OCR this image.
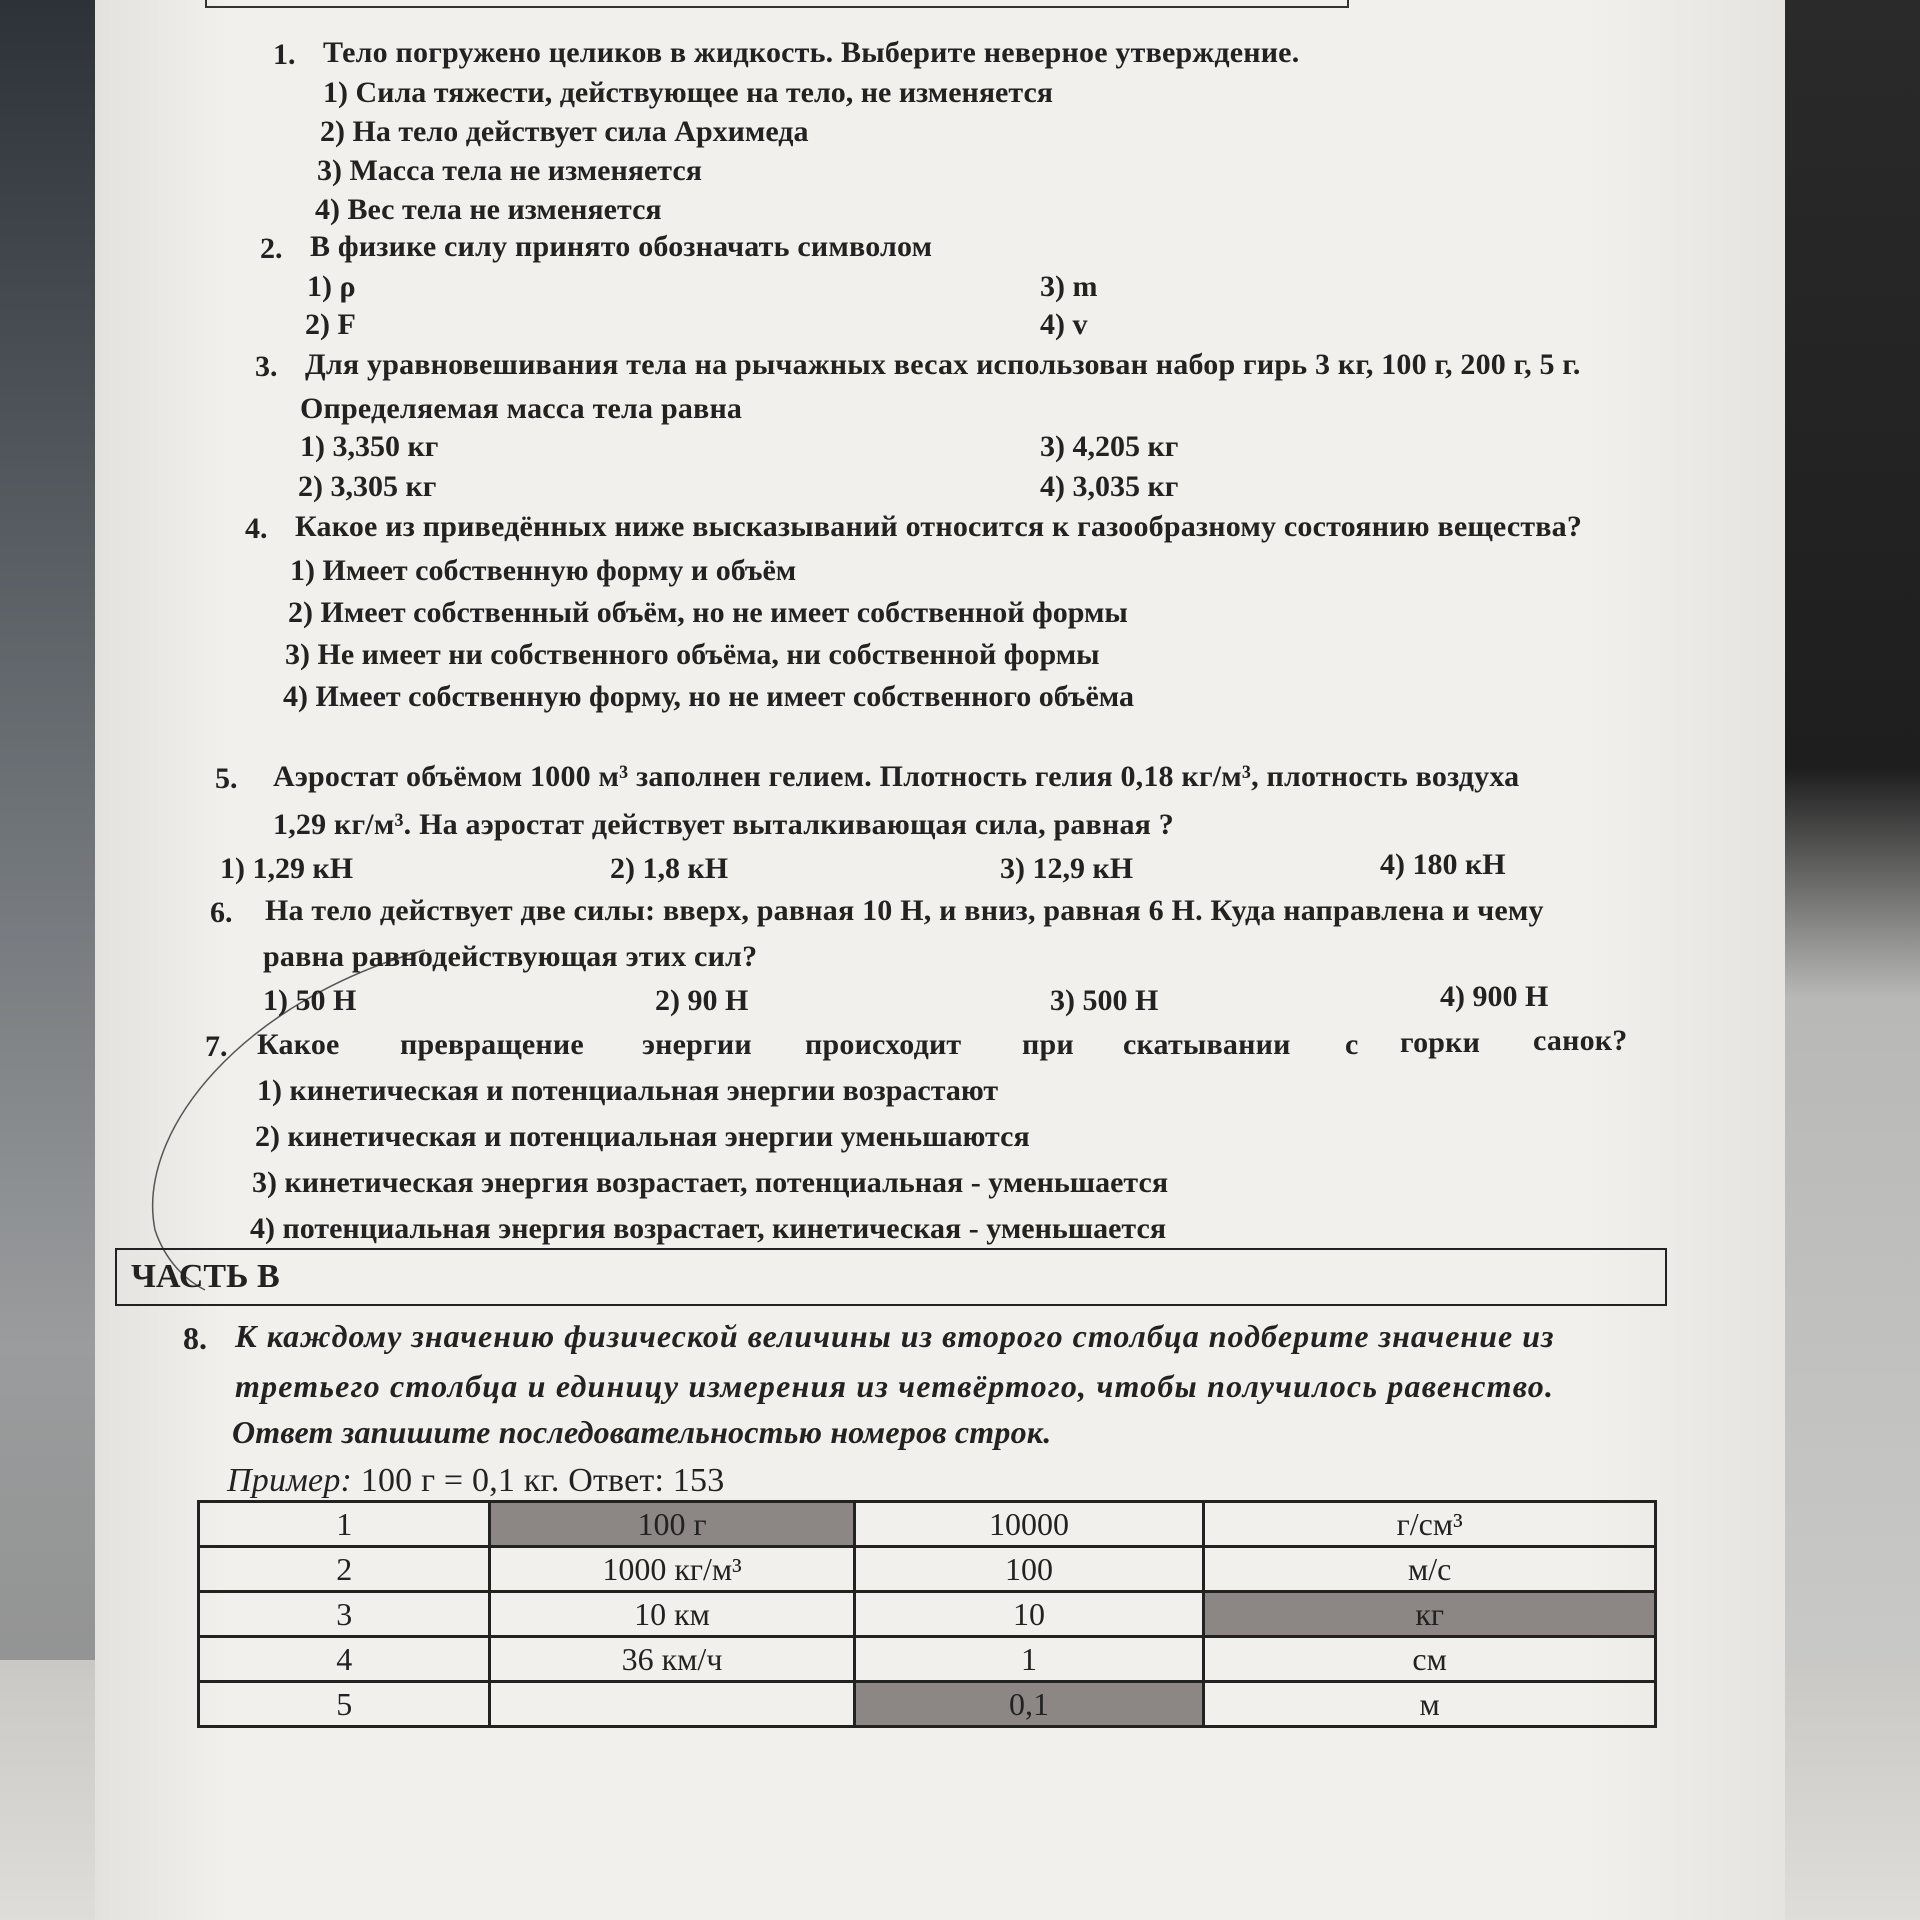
1. Тело погружено целиков в жидкость. Выберите неверное утверждение.
1) Сила тяжести, действующее на тело, не изменяется
2) На тело действует сила Архимеда
3) Масса тела не изменяется
4) Вес тела не изменяется
2. В физике силу принято обозначать символом
1) ρ
2) F
3) m
4) v
3. Для уравновешивания тела на рычажных весах использован набор гирь 3 кг, 100 г, 200 г, 5 г.
Определяемая масса тела равна
1) 3,350 кг
2) 3,305 кг
3) 4,205 кг
4) 3,035 кг
4. Какое из приведённых ниже высказываний относится к газообразному состоянию вещества?
1) Имеет собственную форму и объём
2) Имеет собственный объём, но не имеет собственной формы
3) Не имеет ни собственного объёма, ни собственной формы
4) Имеет собственную форму, но не имеет собственного объёма
5. Аэростат объёмом 1000 м³ заполнен гелием. Плотность гелия 0,18 кг/м³, плотность воздуха
1,29 кг/м³. На аэростат действует выталкивающая сила, равная ?
1) 1,29 кН	2) 1,8 кН	3) 12,9 кН	4) 180 кН
6. На тело действует две силы: вверх, равная 10 Н, и вниз, равная 6 Н. Куда направлена и чему
равна равнодействующая этих сил?
1) 50 Н	2) 90 Н	3) 500 Н	4) 900 Н
7. Какое превращение энергии происходит при скатывании с горки санок?
1) кинетическая и потенциальная энергии возрастают
2) кинетическая и потенциальная энергии уменьшаются
3) кинетическая энергия возрастает, потенциальная - уменьшается
4) потенциальная энергия возрастает, кинетическая - уменьшается
ЧАСТЬ В
8. К каждому значению физической величины из второго столбца подберите значение из
третьего столбца и единицу измерения из четвёртого, чтобы получилось равенство.
Ответ запишите последовательностью номеров строк.
Пример: 100 г = 0,1 кг. Ответ: 153
1	100 г	10000	г/см³
2	1000 кг/м³	100	м/с
3	10 км	10	кг
4	36 км/ч	1	см
5		0,1	м
